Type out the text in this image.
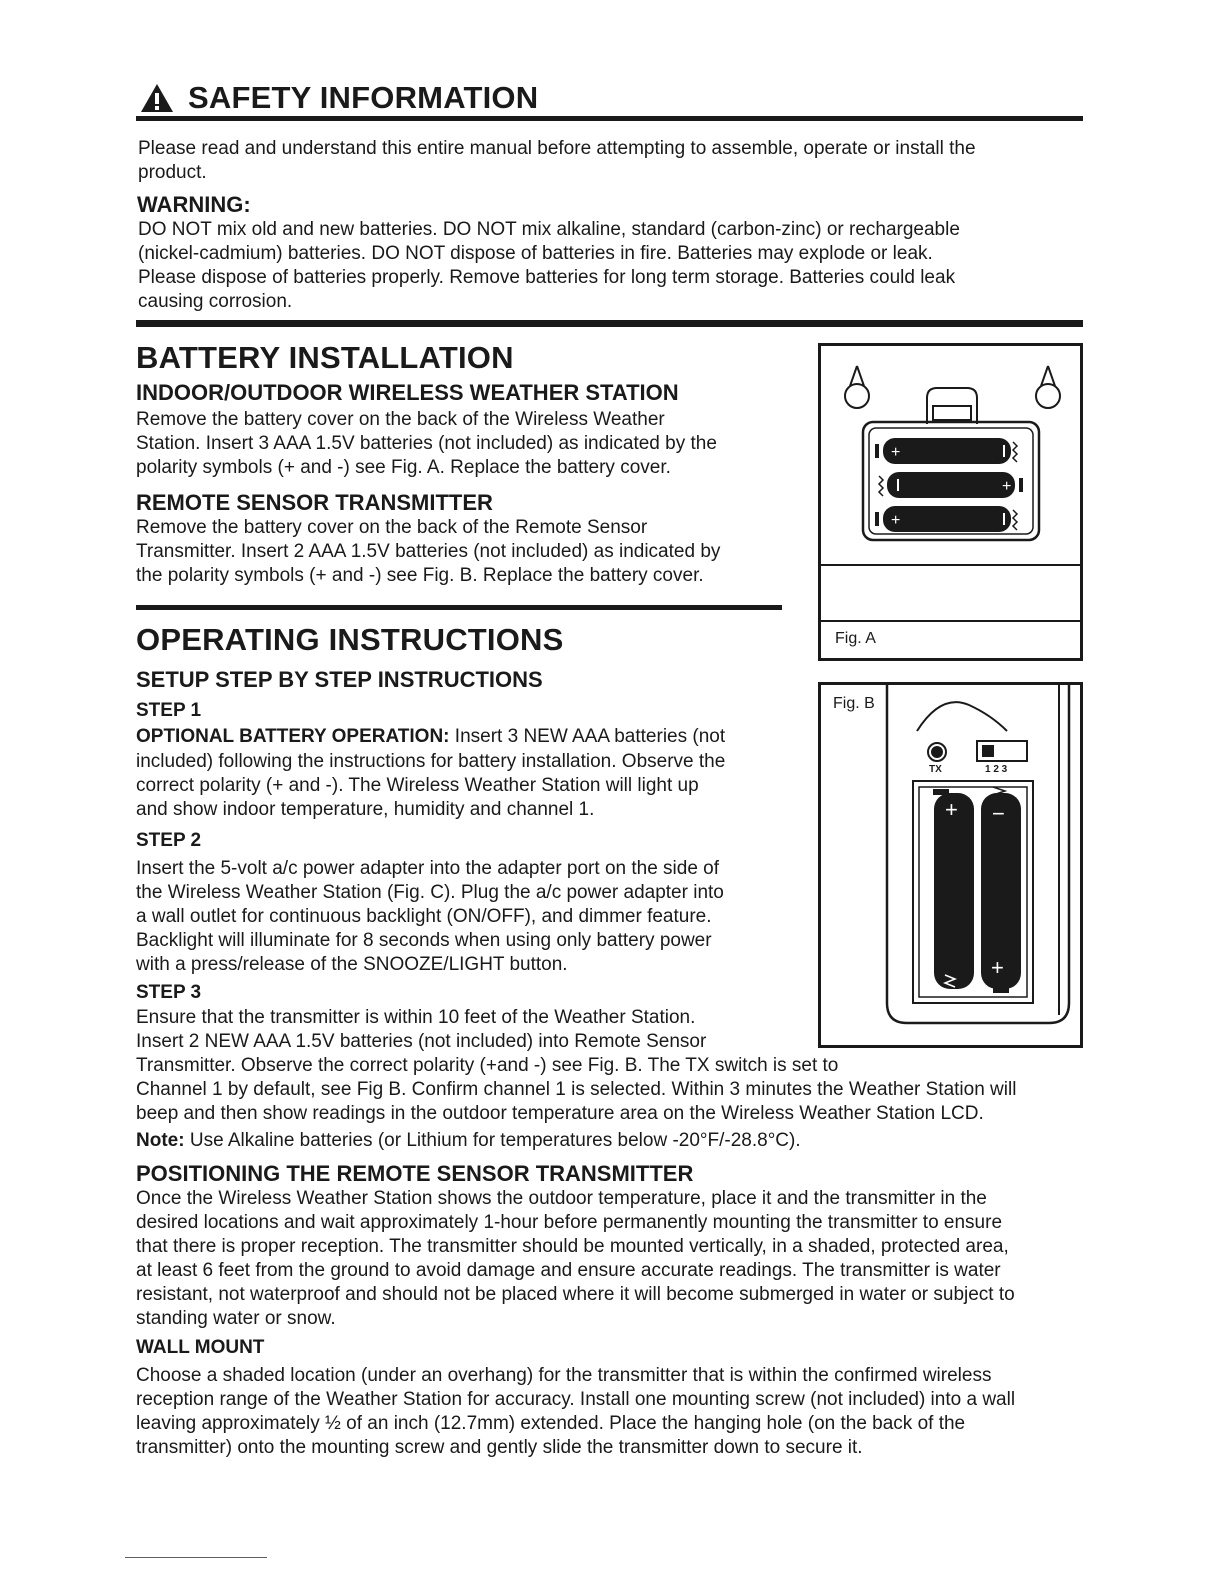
SAFETY INFORMATION
Please read and understand this entire manual before attempting to assemble, operate or install the
product.
WARNING:
DO NOT mix old and new batteries. DO NOT mix alkaline, standard (carbon-zinc) or rechargeable
(nickel-cadmium) batteries. DO NOT dispose of batteries in fire. Batteries may explode or leak.
Please dispose of batteries properly. Remove batteries for long term storage. Batteries could leak
causing corrosion.
BATTERY INSTALLATION
INDOOR/OUTDOOR WIRELESS WEATHER STATION
Remove the battery cover on the back of the Wireless Weather
Station. Insert 3 AAA 1.5V batteries (not included) as indicated by the
polarity symbols (+ and -) see Fig. A. Replace the battery cover.
REMOTE SENSOR TRANSMITTER
Remove the battery cover on the back of the Remote Sensor
Transmitter. Insert 2 AAA 1.5V batteries (not included) as indicated by
the polarity symbols (+ and -) see Fig. B. Replace the battery cover.
+
+
+
Fig. A
Fig. B
TX	1 2 3
+ −
+
OPERATING INSTRUCTIONS
SETUP STEP BY STEP INSTRUCTIONS
STEP 1
OPTIONAL BATTERY OPERATION: Insert 3 NEW AAA batteries (not
included) following the instructions for battery installation. Observe the
correct polarity (+ and -). The Wireless Weather Station will light up
and show indoor temperature, humidity and channel 1.
STEP 2
Insert the 5-volt a/c power adapter into the adapter port on the side of
the Wireless Weather Station (Fig. C). Plug the a/c power adapter into
a wall outlet for continuous backlight (ON/OFF), and dimmer feature.
Backlight will illuminate for 8 seconds when using only battery power
with a press/release of the SNOOZE/LIGHT button.
STEP 3
Ensure that the transmitter is within 10 feet of the Weather Station.
Insert 2 NEW AAA 1.5V batteries (not included) into Remote Sensor
Transmitter. Observe the correct polarity (+and -) see Fig. B. The TX switch is set to
Channel 1 by default, see Fig B. Confirm channel 1 is selected. Within 3 minutes the Weather Station will
beep and then show readings in the outdoor temperature area on the Wireless Weather Station LCD.
Note: Use Alkaline batteries (or Lithium for temperatures below -20°F/-28.8°C).
POSITIONING THE REMOTE SENSOR TRANSMITTER
Once the Wireless Weather Station shows the outdoor temperature, place it and the transmitter in the
desired locations and wait approximately 1-hour before permanently mounting the transmitter to ensure
that there is proper reception. The transmitter should be mounted vertically, in a shaded, protected area,
at least 6 feet from the ground to avoid damage and ensure accurate readings. The transmitter is water
resistant, not waterproof and should not be placed where it will become submerged in water or subject to
standing water or snow.
WALL MOUNT
Choose a shaded location (under an overhang) for the transmitter that is within the confirmed wireless
reception range of the Weather Station for accuracy. Install one mounting screw (not included) into a wall
leaving approximately ½ of an inch (12.7mm) extended. Place the hanging hole (on the back of the
transmitter) onto the mounting screw and gently slide the transmitter down to secure it.
